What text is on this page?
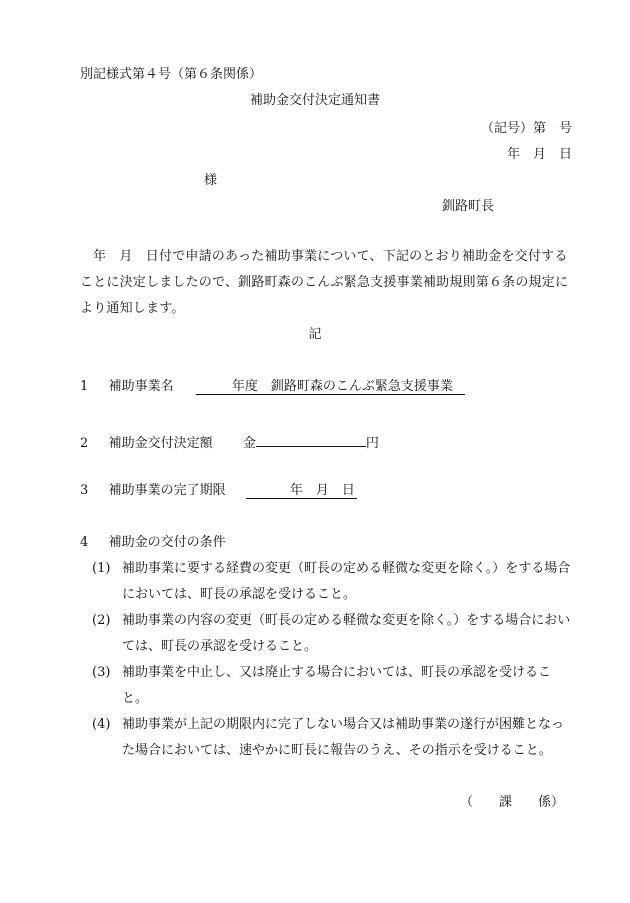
別記様式第４号（第６条関係）
補助金交付決定通知書
（記号）第　号
年　月　日
様
釧路町長
年　月　日付で申請のあった補助事業について、下記のとおり補助金を交付することに決定しましたので、釧路町森のこんぶ緊急支援事業補助規則第６条の規定により通知します。
記
1 補助事業名	年度　釧路町森のこんぶ緊急支援事業
2 補助金交付決定額 金	円
3 補助事業の完了期限	年　月　日
4 補助金の交付の条件
(1) 補助事業に要する経費の変更（町長の定める軽微な変更を除く。）をする場合においては、町長の承認を受けること。
(2) 補助事業の内容の変更（町長の定める軽微な変更を除く。）をする場合においては、町長の承認を受けること。
(3) 補助事業を中止し、又は廃止する場合においては、町長の承認を受けること。
(4) 補助事業が上記の期限内に完了しない場合又は補助事業の遂行が困難となった場合においては、速やかに町長に報告のうえ、その指示を受けること。
（　　課　　係）
